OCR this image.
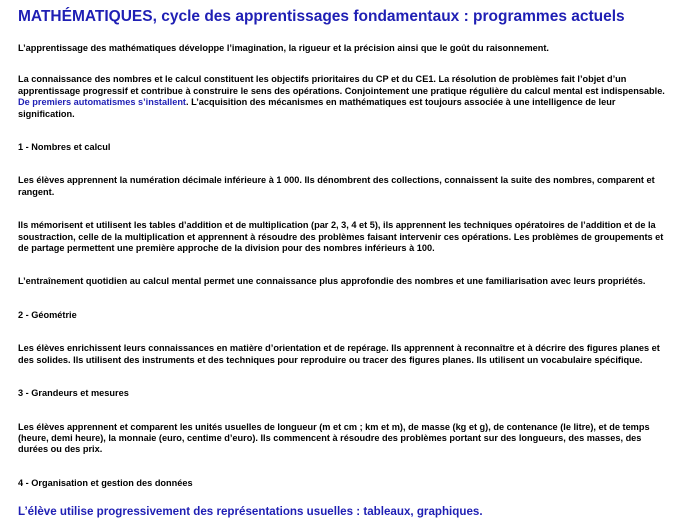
MATHÉMATIQUES, cycle des apprentissages fondamentaux : programmes actuels

L’apprentissage des mathématiques développe l’imagination, la rigueur et la précision ainsi que le goût du raisonnement.

La connaissance des nombres et le calcul constituent les objectifs prioritaires du CP et du CE1. La résolution de problèmes fait l’objet d’un apprentissage progressif et contribue à construire le sens des opérations. Conjointement une pratique régulière du calcul mental est indispensable. De premiers automatismes s’installent. L’acquisition des mécanismes en mathématiques est toujours associée à une intelligence de leur signification.

1 - Nombres et calcul

Les élèves apprennent la numération décimale inférieure à 1 000. Ils dénombrent des collections, connaissent la suite des nombres, comparent et rangent.

Ils mémorisent et utilisent les tables d’addition et de multiplication (par 2, 3, 4 et 5), ils apprennent les techniques opératoires de l’addition et de la soustraction, celle de la multiplication et apprennent à résoudre des problèmes faisant intervenir ces opérations. Les problèmes de groupements et de partage permettent une première approche de la division pour des nombres inférieurs à 100.

L’entraînement quotidien au calcul mental permet une connaissance plus approfondie des nombres et une familiarisation avec leurs propriétés.

2 - Géométrie

Les élèves enrichissent leurs connaissances en matière d’orientation et de repérage. Ils apprennent à reconnaître et à décrire des figures planes et des solides. Ils utilisent des instruments et des techniques pour reproduire ou tracer des figures planes. Ils utilisent un vocabulaire spécifique.

3 - Grandeurs et mesures

Les élèves apprennent et comparent les unités usuelles de longueur (m et cm ; km et m), de masse (kg et g), de contenance (le litre), et de temps (heure, demi heure), la monnaie (euro, centime d’euro). Ils commencent à résoudre des problèmes portant sur des longueurs, des masses, des durées ou des prix.

4 - Organisation et gestion des données

L’élève utilise progressivement des représentations usuelles : tableaux, graphiques.
